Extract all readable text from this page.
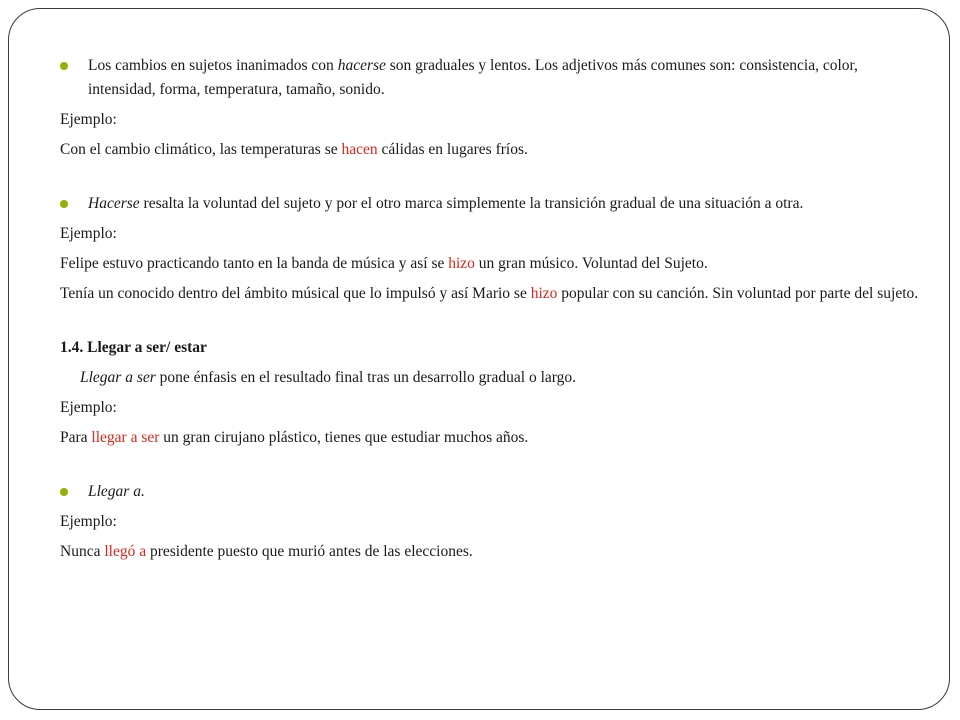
Los cambios en sujetos inanimados con hacerse son graduales y lentos. Los adjetivos más comunes son: consistencia, color,
intensidad, forma, temperatura, tamaño, sonido.

Ejemplo:

Con el cambio climático, las temperaturas se hacen cálidas en lugares fríos.

Hacerse resalta la voluntad del sujeto y por el otro marca simplemente la transición gradual de una situación a otra.

Ejemplo:

Felipe estuvo practicando tanto en la banda de música y así se hizo un gran músico. Voluntad del Sujeto.

Tenía un conocido dentro del ámbito músical que lo impulsó y así Mario se hizo popular con su canción. Sin voluntad por parte del sujeto.

1.4. Llegar a ser/ estar

Llegar a ser pone énfasis en el resultado final tras un desarrollo gradual o largo.

Ejemplo:

Para llegar a ser un gran cirujano plástico, tienes que estudiar muchos años.

Llegar a.

Ejemplo:

Nunca llegó a presidente puesto que murió antes de las elecciones.
